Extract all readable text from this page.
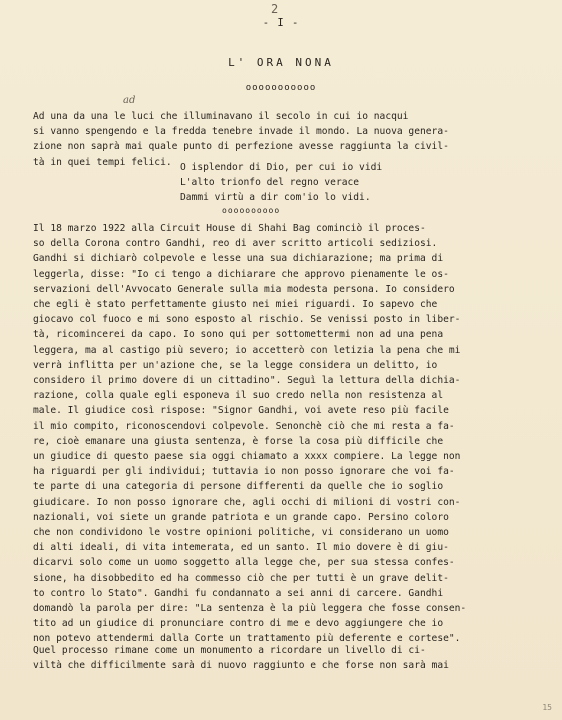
2
- I -
L' ORA NONA
ooooooooooo
ad
Ad una da una le luci che illuminavano il secolo in cui io nacqui
si vanno spengendo e la fredda tenebre invade il mondo. La nuova genera-
zione non saprà mai quale punto di perfezione avesse raggiunta la civil-
tà in quei tempi felici. O isplendor di Dio, per cui io vidi
L'alto trionfo del regno verace
Dammi virtù a dir com'io lo vidi.
oooooooooo
Il 18 marzo 1922 alla Circuit House di Shahi Bag cominciò il proces-
so della Corona contro Gandhi, reo di aver scritto articoli sediziosi.
Gandhi si dichiarò colpevole e lesse una sua dichiarazione; ma prima di
leggerla, disse: "Io ci tengo a dichiarare che approvo pienamente le os-
servazioni dell'Avvocato Generale sulla mia modesta persona. Io considero
che egli è stato perfettamente giusto nei miei riguardi. Io sapevo che
giocavo col fuoco e mi sono esposto al rischio. Se venissi posto in liber-
tà, ricomincerei da capo. Io sono qui per sottomettermi non ad una pena
leggera, ma al castigo più severo; io accetterò con letizia la pena che mi
verrà inflitta per un'azione che, se la legge considera un delitto, io
considero il primo dovere di un cittadino". Seguì la lettura della dichia-
razione, colla quale egli esponeva il suo credo nella non resistenza al
male. Il giudice così rispose: "Signor Gandhi, voi avete reso più facile
il mio compito, riconoscendovi colpevole. Senonchè ciò che mi resta a fa-
re, cioè emanare una giusta sentenza, è forse la cosa più difficile che
un giudice di questo paese sia oggi chiamato a xxxx compiere. La legge non
ha riguardi per gli individui; tuttavia io non posso ignorare che voi fa-
te parte di una categoria di persone differenti da quelle che io soglio
giudicare. Io non posso ignorare che, agli occhi di milioni di vostri con-
nazionali, voi siete un grande patriota e un grande capo. Persino coloro
che non condividono le vostre opinioni politiche, vi considerano un uomo
di alti ideali, di vita intemerata, ed un santo. Il mio dovere è di giu-
dicarvi solo come un uomo soggetto alla legge che, per sua stessa confes-
sione, ha disobbedito ed ha commesso ciò che per tutti è un grave delit-
to contro lo Stato". Gandhi fu condannato a sei anni di carcere. Gandhi
domandò la parola per dire: "La sentenza è la più leggera che fosse consen-
tito ad un giudice di pronunciare contro di me e devo aggiungere che io
non potevo attendermi dalla Corte un trattamento più deferente e cortese".
Quel processo rimane come un monumento a ricordare un livello di ci-
viltà che difficilmente sarà di nuovo raggiunto e che forse non sarà mai
15
